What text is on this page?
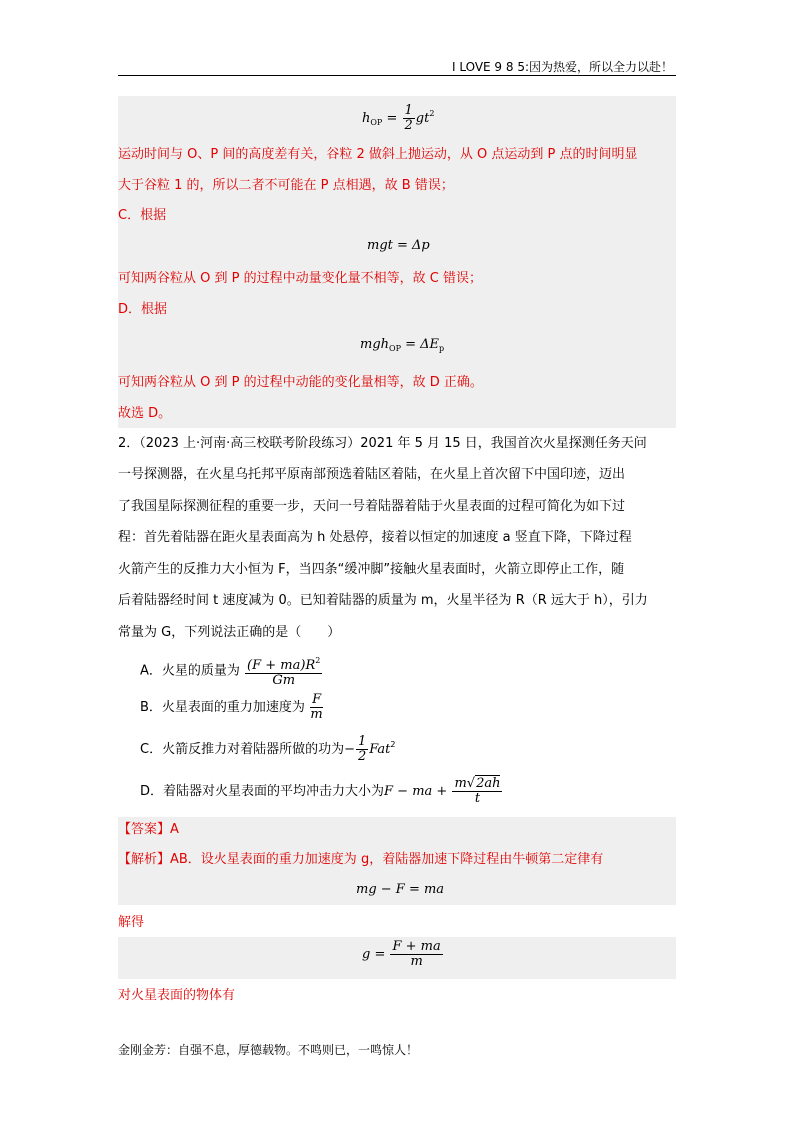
I LOVE 9 8 5:因为热爱，所以全力以赴！
$h_{OP} = \frac{1}{2} gt^2$
运动时间与 O、P 间的高度差有关，谷粒 2 做斜上抛运动，从 O 点运动到 P 点的时间明显
大于谷粒 1 的，所以二者不可能在 P 点相遇，故 B 错误；
C．根据
mgt = Δp
可知两谷粒从 O 到 P 的过程中动量变化量不相等，故 C 错误；
D．根据
$mgh_{OP} = \Delta E_p$
可知两谷粒从 O 到 P 的过程中动能的变化量相等，故 D 正确。
故选 D。
2．（2023 上·河南·高三校联考阶段练习）2021 年 5 月 15 日，我国首次火星探测任务天问
一号探测器，在火星乌托邦平原南部预选着陆区着陆，在火星上首次留下中国印迹，迈出
了我国星际探测征程的重要一步，天问一号着陆器着陆于火星表面的过程可简化为如下过
程：首先着陆器在距火星表面高为 h 处悬停，接着以恒定的加速度 a 竖直下降，下降过程
火箭产生的反推力大小恒为 F，当四条“缓冲脚”接触火星表面时，火箭立即停止工作，随
后着陆器经时间 t 速度减为 0。已知着陆器的质量为 m，火星半径为 R（R 远大于 h），引力
常量为 G，下列说法正确的是（　　）
A．火星的质量为 $\frac{(F + ma)R^2}{Gm}$
B．火星表面的重力加速度为 $\frac{F}{m}$
C．火箭反推力对着陆器所做的功为− $\frac{1}{2} Fat^2$
D．着陆器对火星表面的平均冲击力大小为F − ma + $\frac{m√2ah}{t}$
【答案】A
【解析】AB．设火星表面的重力加速度为 g，着陆器加速下降过程由牛顿第二定律有
mg − F = ma
解得
$g = \frac{F + ma}{m}$
对火星表面的物体有
金刚金芳：自强不息，厚德载物。不鸣则已，一鸣惊人！
